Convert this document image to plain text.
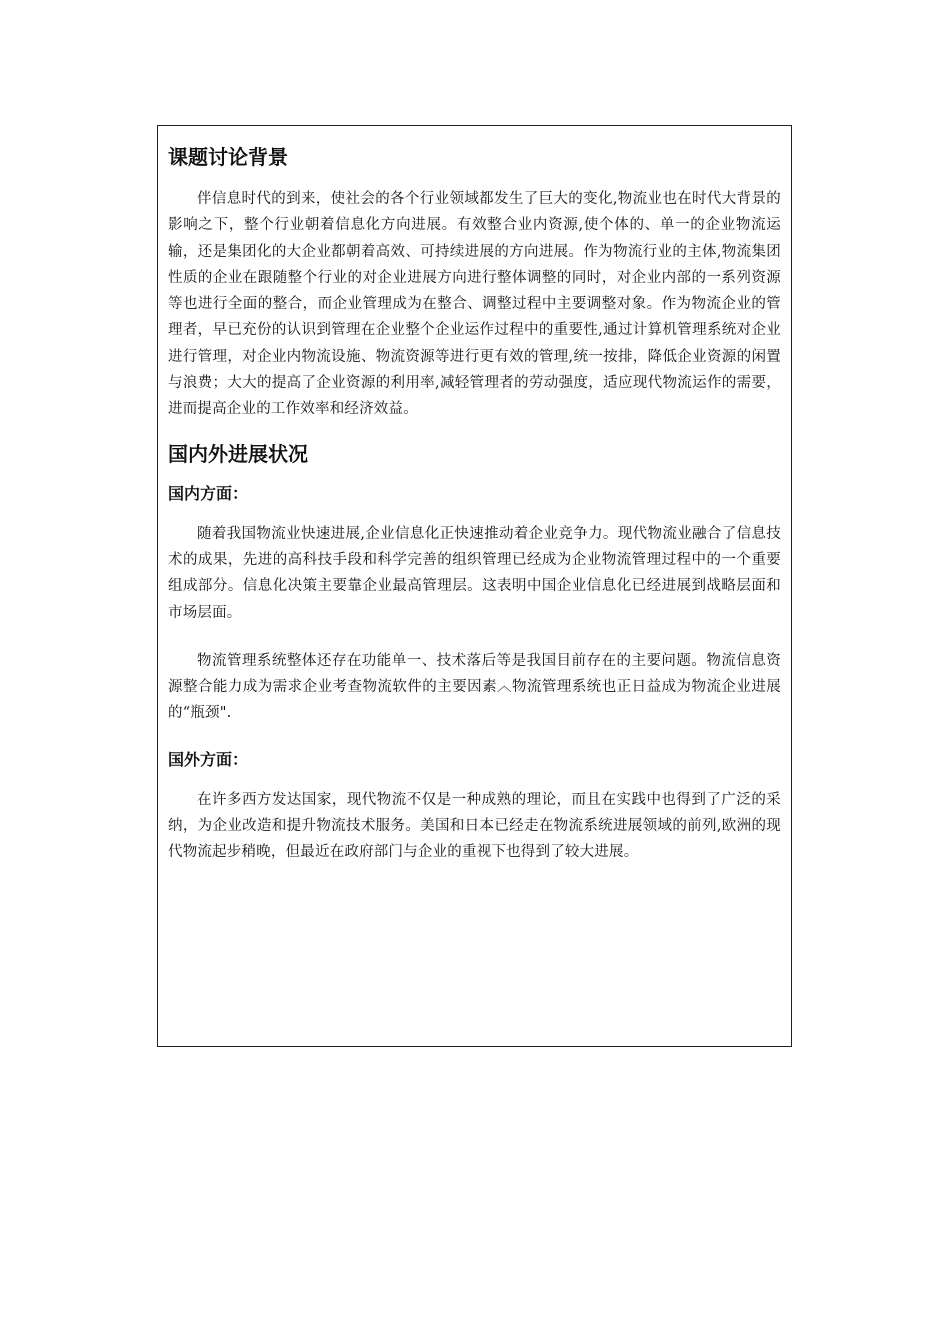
课题讨论背景

伴信息时代的到来，使社会的各个行业领域都发生了巨大的变化,物流业也在时代大背景的影响之下，整个行业朝着信息化方向进展。有效整合业内资源,使个体的、单一的企业物流运输，还是集团化的大企业都朝着高效、可持续进展的方向进展。作为物流行业的主体,物流集团性质的企业在跟随整个行业的对企业进展方向进行整体调整的同时，对企业内部的一系列资源等也进行全面的整合，而企业管理成为在整合、调整过程中主要调整对象。作为物流企业的管理者，早已充份的认识到管理在企业整个企业运作过程中的重要性,通过计算机管理系统对企业进行管理，对企业内物流设施、物流资源等进行更有效的管理,统一按排，降低企业资源的闲置与浪费；大大的提高了企业资源的利用率,减轻管理者的劳动强度，适应现代物流运作的需要，进而提高企业的工作效率和经济效益。

国内外进展状况
国内方面：

随着我国物流业快速进展,企业信息化正快速推动着企业竞争力。现代物流业融合了信息技术的成果，先进的高科技手段和科学完善的组织管理已经成为企业物流管理过程中的一个重要组成部分。信息化决策主要靠企业最高管理层。这表明中国企业信息化已经进展到战略层面和市场层面。

物流管理系统整体还存在功能单一、技术落后等是我国目前存在的主要问题。物流信息资源整合能力成为需求企业考查物流软件的主要因素︿物流管理系统也正日益成为物流企业进展的“瓶颈".

国外方面：

在许多西方发达国家，现代物流不仅是一种成熟的理论，而且在实践中也得到了广泛的采纳，为企业改造和提升物流技术服务。美国和日本已经走在物流系统进展领域的前列,欧洲的现代物流起步稍晚，但最近在政府部门与企业的重视下也得到了较大进展。
